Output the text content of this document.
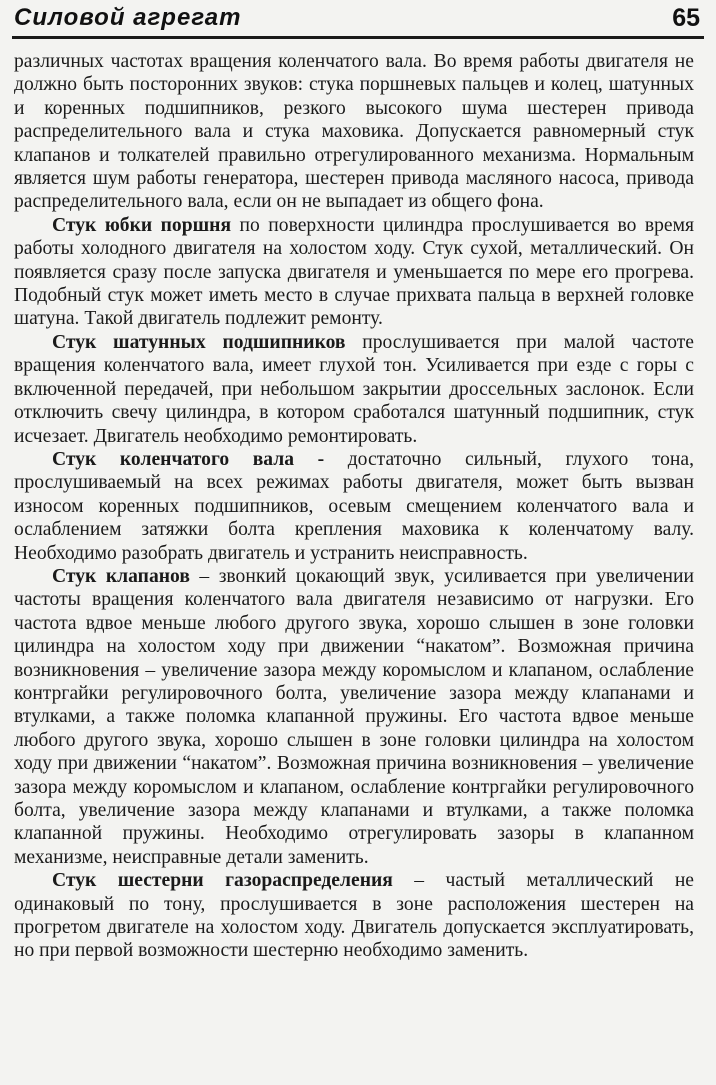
Силовой агрегат	65

различных частотах вращения коленчатого вала. Во время работы двигателя не должно быть посторонних звуков: стука поршневых пальцев и колец, шатунных и коренных подшипников, резкого высокого шума шестерен привода распределительного вала и стука маховика. Допускается равномерный стук клапанов и толкателей правильно отрегулированного механизма. Нормальным является шум работы генератора, шестерен привода масляного насоса, привода распределительного вала, если он не выпадает из общего фона.

Стук юбки поршня по поверхности цилиндра прослушивается во время работы холодного двигателя на холостом ходу. Стук сухой, металлический. Он появляется сразу после запуска двигателя и уменьшается по мере его прогрева. Подобный стук может иметь место в случае прихвата пальца в верхней головке шатуна. Такой двигатель подлежит ремонту.

Стук шатунных подшипников прослушивается при малой частоте вращения коленчатого вала, имеет глухой тон. Усиливается при езде с горы с включенной передачей, при небольшом закрытии дроссельных заслонок. Если отключить свечу цилиндра, в котором сработался шатунный подшипник, стук исчезает. Двигатель необходимо ремонтировать.

Стук коленчатого вала - достаточно сильный, глухого тона, прослушиваемый на всех режимах работы двигателя, может быть вызван износом коренных подшипников, осевым смещением коленчатого вала и ослаблением затяжки болта крепления маховика к коленчатому валу. Необходимо разобрать двигатель и устранить неисправность.

Стук клапанов – звонкий цокающий звук, усиливается при увеличении частоты вращения коленчатого вала двигателя независимо от нагрузки. Его частота вдвое меньше любого другого звука, хорошо слышен в зоне головки цилиндра на холостом ходу при движении “накатом”. Возможная причина возникновения – увеличение зазора между коромыслом и клапаном, ослабление контргайки регулировочного болта, увеличение зазора между клапанами и втулками, а также поломка клапанной пружины. Его частота вдвое меньше любого другого звука, хорошо слышен в зоне головки цилиндра на холостом ходу при движении “накатом”. Возможная причина возникновения – увеличение зазора между коромыслом и клапаном, ослабление контргайки регулировочного болта, увеличение зазора между клапанами и втулками, а также поломка клапанной пружины. Необходимо отрегулировать зазоры в клапанном механизме, неисправные детали заменить.

Стук шестерни газораспределения – частый металлический не одинаковый по тону, прослушивается в зоне расположения шестерен на прогретом двигателе на холостом ходу. Двигатель допускается эксплуатировать, но при первой возможности шестерню необходимо заменить.
